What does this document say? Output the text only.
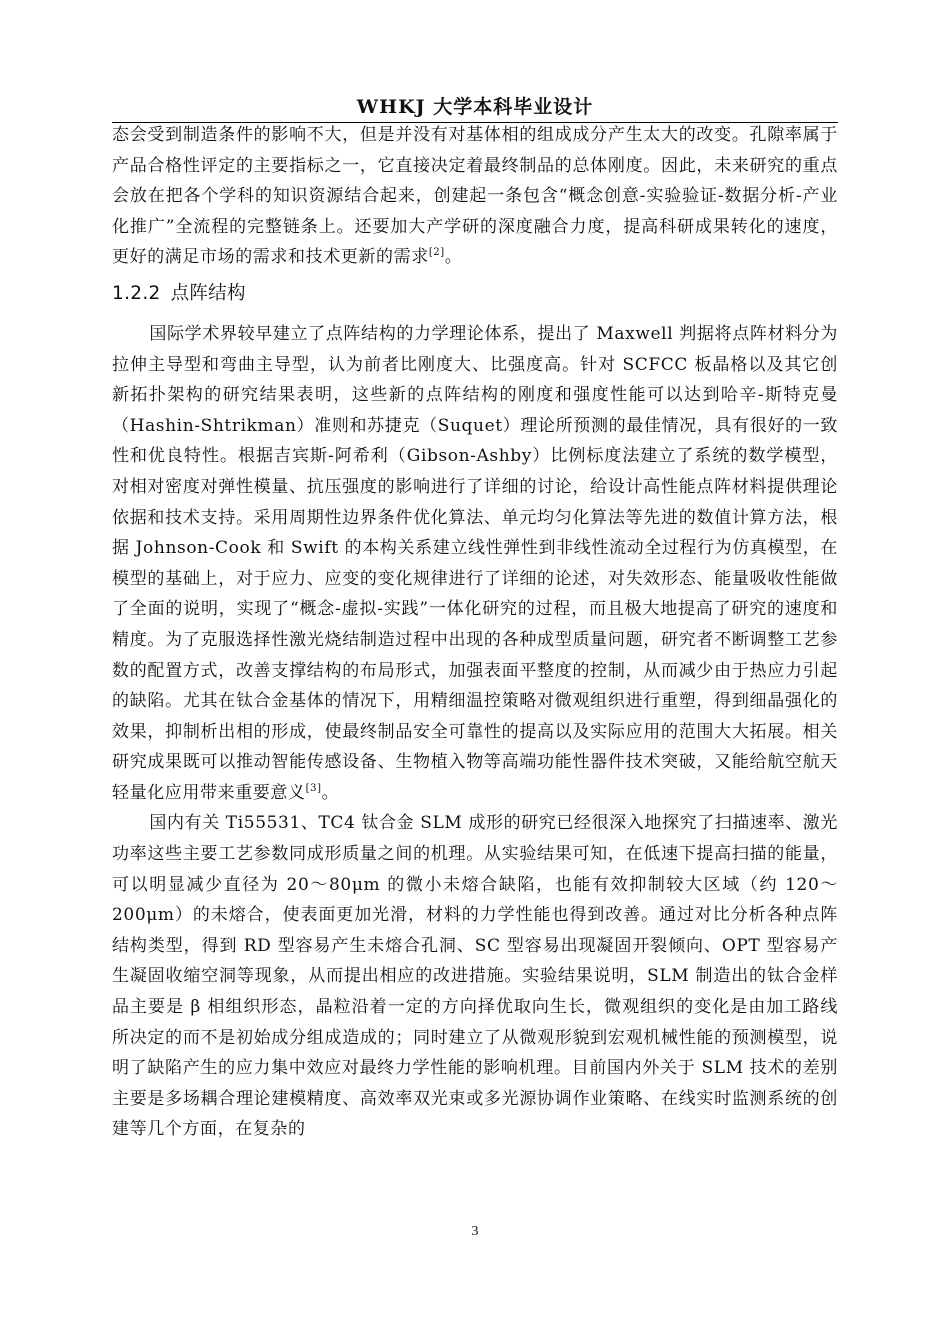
WHKJ 大学本科毕业设计

态会受到制造条件的影响不大，但是并没有对基体相的组成成分产生太大的改变。孔隙率属于产品合格性评定的主要指标之一，它直接决定着最终制品的总体刚度。因此，未来研究的重点会放在把各个学科的知识资源结合起来，创建起一条包含“概念创意-实验验证-数据分析-产业化推广”全流程的完整链条上。还要加大产学研的深度融合力度，提高科研成果转化的速度，更好的满足市场的需求和技术更新的需求[2]。

1.2.2 点阵结构

国际学术界较早建立了点阵结构的力学理论体系，提出了 Maxwell 判据将点阵材料分为拉伸主导型和弯曲主导型，认为前者比刚度大、比强度高。针对 SCFCC 板晶格以及其它创新拓扑架构的研究结果表明，这些新的点阵结构的刚度和强度性能可以达到哈辛-斯特克曼（Hashin-Shtrikman）准则和苏捷克（Suquet）理论所预测的最佳情况，具有很好的一致性和优良特性。根据吉宾斯-阿希利（Gibson-Ashby）比例标度法建立了系统的数学模型，对相对密度对弹性模量、抗压强度的影响进行了详细的讨论，给设计高性能点阵材料提供理论依据和技术支持。采用周期性边界条件优化算法、单元均匀化算法等先进的数值计算方法，根据 Johnson-Cook 和 Swift 的本构关系建立线性弹性到非线性流动全过程行为仿真模型，在模型的基础上，对于应力、应变的变化规律进行了详细的论述，对失效形态、能量吸收性能做了全面的说明，实现了“概念-虚拟-实践”一体化研究的过程，而且极大地提高了研究的速度和精度。为了克服选择性激光烧结制造过程中出现的各种成型质量问题，研究者不断调整工艺参数的配置方式，改善支撑结构的布局形式，加强表面平整度的控制，从而减少由于热应力引起的缺陷。尤其在钛合金基体的情况下，用精细温控策略对微观组织进行重塑，得到细晶强化的效果，抑制析出相的形成，使最终制品安全可靠性的提高以及实际应用的范围大大拓展。相关研究成果既可以推动智能传感设备、生物植入物等高端功能性器件技术突破，又能给航空航天轻量化应用带来重要意义[3]。

国内有关 Ti55531、TC4 钛合金 SLM 成形的研究已经很深入地探究了扫描速率、激光功率这些主要工艺参数同成形质量之间的机理。从实验结果可知，在低速下提高扫描的能量，可以明显减少直径为 20～80μm 的微小未熔合缺陷，也能有效抑制较大区域（约 120～200μm）的未熔合，使表面更加光滑，材料的力学性能也得到改善。通过对比分析各种点阵结构类型，得到 RD 型容易产生未熔合孔洞、SC 型容易出现凝固开裂倾向、OPT 型容易产生凝固收缩空洞等现象，从而提出相应的改进措施。实验结果说明，SLM 制造出的钛合金样品主要是 β 相组织形态，晶粒沿着一定的方向择优取向生长，微观组织的变化是由加工路线所决定的而不是初始成分组成造成的；同时建立了从微观形貌到宏观机械性能的预测模型，说明了缺陷产生的应力集中效应对最终力学性能的影响机理。目前国内外关于 SLM 技术的差别主要是多场耦合理论建模精度、高效率双光束或多光源协调作业策略、在线实时监测系统的创建等几个方面，在复杂的

3
